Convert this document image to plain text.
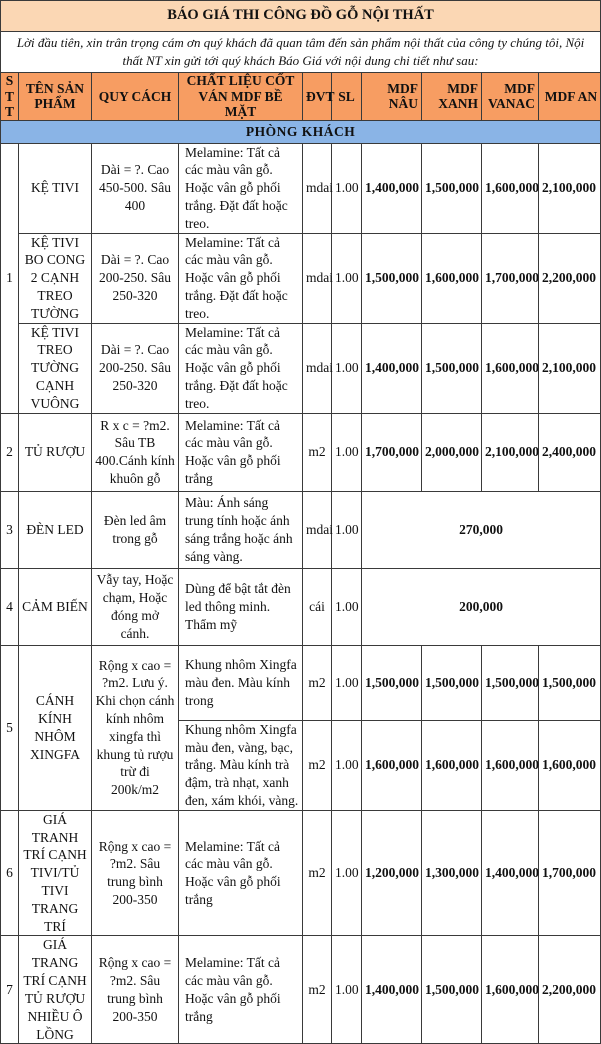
BÁO GIÁ THI CÔNG ĐỒ GỖ NỘI THẤT									
Lời đầu tiên, xin trân trọng cám ơn quý khách đã quan tâm đến sản phẩm nội thất của công ty chúng tôi, Nội thất NT xin gửi tới quý khách Báo Giá với nội dung chi tiết như sau:									
S T T	TÊN SẢN PHẨM	QUY CÁCH	CHẤT LIỆU CỐT VÁN MDF BỀ MẶT	ĐVT	SL	MDF NÂU	MDF XANH	MDF VANAC	MDF AN
PHÒNG KHÁCH									
1	KỆ TIVI	Dài = ?. Cao 450-500. Sâu 400	Melamine: Tất cả các màu vân gỗ. Hoặc vân gỗ phối trắng. Đặt đất hoặc treo.	mdai	1.00	1,400,000	1,500,000	1,600,000	2,100,000
	KỆ TIVI BO CONG 2 CẠNH TREO TƯỜNG	Dài = ?. Cao 200-250. Sâu 250-320	Melamine: Tất cả các màu vân gỗ. Hoặc vân gỗ phối trắng. Đặt đất hoặc treo.	mdai	1.00	1,500,000	1,600,000	1,700,000	2,200,000
	KỆ TIVI TREO TƯỜNG CẠNH VUÔNG	Dài = ?. Cao 200-250. Sâu 250-320	Melamine: Tất cả các màu vân gỗ. Hoặc vân gỗ phối trắng. Đặt đất hoặc treo.	mdai	1.00	1,400,000	1,500,000	1,600,000	2,100,000
2	TỦ RƯỢU	R x c = ?m2. Sâu TB 400.Cánh kính khuôn gỗ	Melamine: Tất cả các màu vân gỗ. Hoặc vân gỗ phối trắng	m2	1.00	1,700,000	2,000,000	2,100,000	2,400,000
3	ĐÈN LED	Đèn led âm trong gỗ	Màu: Ánh sáng trung tính hoặc ánh sáng trắng hoặc ánh sáng vàng.	mdai	1.00	270,000			
4	CẢM BIẾN	Vẫy tay, Hoặc chạm, Hoặc đóng mở cánh.	Dùng để bật tắt đèn led thông minh. Thẩm mỹ	cái	1.00	200,000			
5	CÁNH KÍNH NHÔM XINGFA	Rộng x cao = ?m2. Lưu ý. Khi chọn cánh kính nhôm xingfa thì khung tủ rượu trừ đi 200k/m2	Khung nhôm Xingfa màu đen. Màu kính trong	m2	1.00	1,500,000	1,500,000	1,500,000	1,500,000
			Khung nhôm Xingfa màu đen, vàng, bạc, trắng. Màu kính trà đậm, trà nhạt, xanh đen, xám khói, vàng.	m2	1.00	1,600,000	1,600,000	1,600,000	1,600,000
6	GIÁ TRANH TRÍ CẠNH TIVI/TỦ TIVI TRANG TRÍ	Rộng x cao = ?m2. Sâu trung bình 200-350	Melamine: Tất cả các màu vân gỗ. Hoặc vân gỗ phối trắng	m2	1.00	1,200,000	1,300,000	1,400,000	1,700,000
7	GIÁ TRANG TRÍ CẠNH TỦ RƯỢU NHIỀU Ô LỒNG	Rộng x cao = ?m2. Sâu trung bình 200-350	Melamine: Tất cả các màu vân gỗ. Hoặc vân gỗ phối trắng	m2	1.00	1,400,000	1,500,000	1,600,000	2,200,000
